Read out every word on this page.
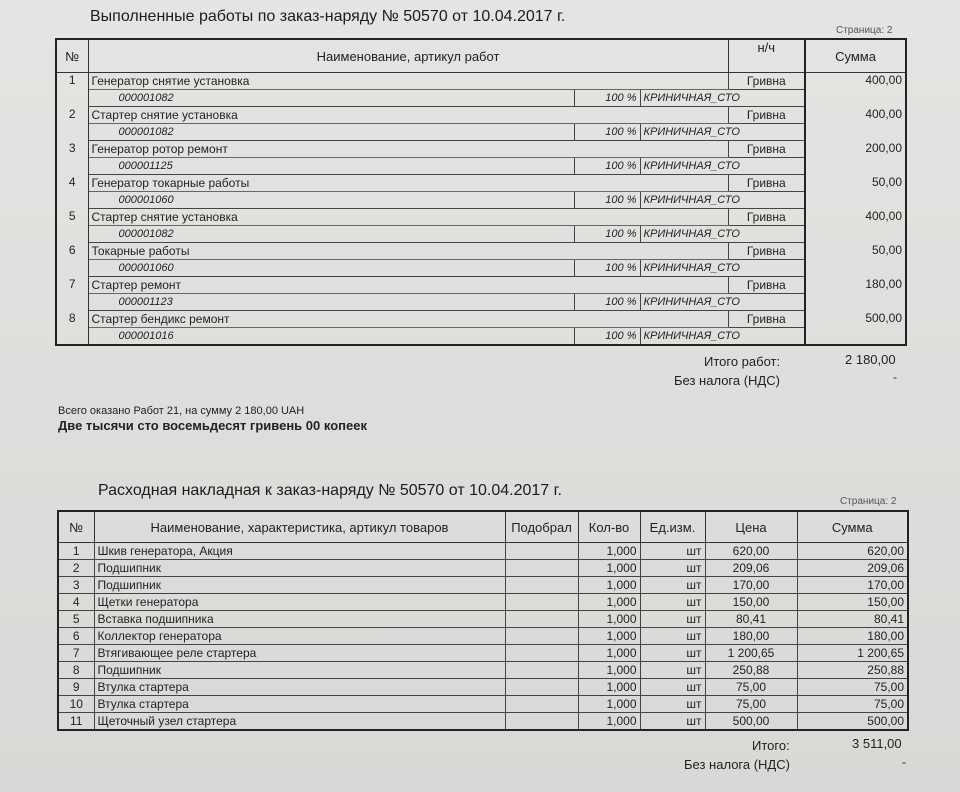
Выполненные работы по заказ-наряду № 50570 от 10.04.2017 г.
Страница: 2
№	Наименование, артикул работ			н/ч	Сумма
1	Генератор снятие установка			Гривна	400,00
	000001082	100 %	КРИНИЧНАЯ_СТО		
2	Стартер снятие установка			Гривна	400,00
	000001082	100 %	КРИНИЧНАЯ_СТО		
3	Генератор ротор ремонт			Гривна	200,00
	000001125	100 %	КРИНИЧНАЯ_СТО		
4	Генератор токарные работы			Гривна	50,00
	000001060	100 %	КРИНИЧНАЯ_СТО		
5	Стартер снятие установка			Гривна	400,00
	000001082	100 %	КРИНИЧНАЯ_СТО		
6	Токарные работы			Гривна	50,00
	000001060	100 %	КРИНИЧНАЯ_СТО		
7	Стартер ремонт			Гривна	180,00
	000001123	100 %	КРИНИЧНАЯ_СТО		
8	Стартер бендикс ремонт			Гривна	500,00
	000001016	100 %	КРИНИЧНАЯ_СТО		
Итого работ:	2 180,00
Без налога (НДС)	-
Всего оказано Работ 21, на сумму 2 180,00 UAH
Две тысячи сто восемьдесят гривень 00 копеек
Расходная накладная к заказ-наряду № 50570 от 10.04.2017 г.
Страница: 2
№	Наименование, характеристика, артикул товаров	Подобрал	Кол-во	Ед.изм.	Цена	Сумма
1	Шкив генератора, Акция		1,000	шт	620,00	620,00
2	Подшипник		1,000	шт	209,06	209,06
3	Подшипник		1,000	шт	170,00	170,00
4	Щетки генератора		1,000	шт	150,00	150,00
5	Вставка подшипника		1,000	шт	80,41	80,41
6	Коллектор генератора		1,000	шт	180,00	180,00
7	Втягивающее реле стартера		1,000	шт	1 200,65	1 200,65
8	Подшипник		1,000	шт	250,88	250,88
9	Втулка стартера		1,000	шт	75,00	75,00
10	Втулка стартера		1,000	шт	75,00	75,00
11	Щеточный узел стартера		1,000	шт	500,00	500,00
Итого:	3 511,00
Без налога (НДС)	-
